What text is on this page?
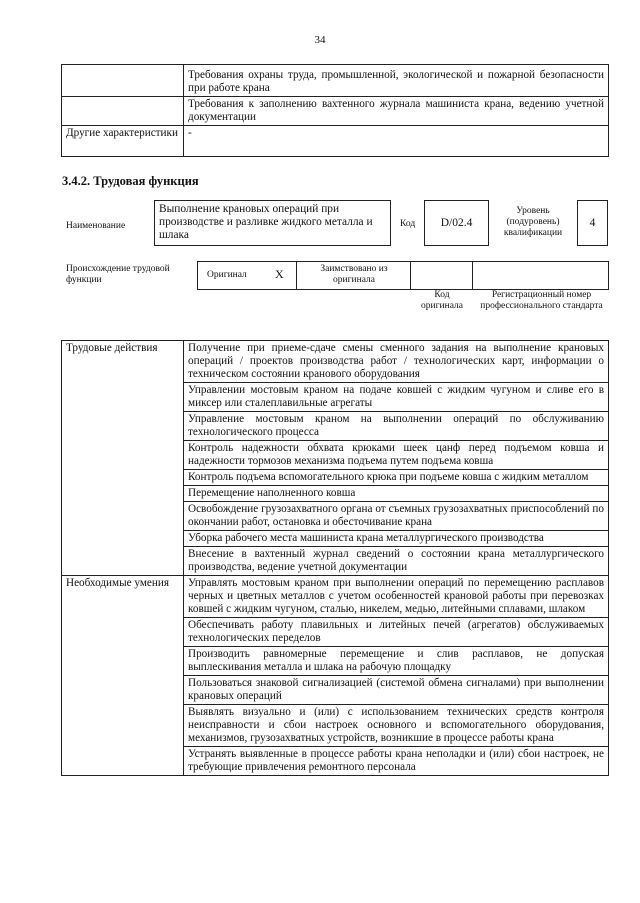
34
	Требования охраны труда, промышленной, экологической и пожарной безопасности при работе крана
	Требования к заполнению вахтенного журнала машиниста крана, ведению учетной документации
Другие характеристики	-
3.4.2. Трудовая функция
Наименование
Выполнение крановых операций при производстве и разливке жидкого металла и шлака
Код D/02.4
Уровень (подуровень) квалификации
4
Происхождение трудовой функции	Оригинал X	Заимствовано из оригинала
Код оригинала
Регистрационный номер профессионального стандарта
Трудовые действия	Получение при приеме-сдаче смены сменного задания на выполнение крановых операций / проектов производства работ / технологических карт, информации о техническом состоянии кранового оборудования
	Управлении мостовым краном на подаче ковшей с жидким чугуном и сливе его в миксер или сталеплавильные агрегаты
	Управление мостовым краном на выполнении операций по обслуживанию технологического процесса
	Контроль надежности обхвата крюками шеек цанф перед подъемом ковша и надежности тормозов механизма подъема путем подъема ковша
	Контроль подъема вспомогательного крюка при подъеме ковша с жидким металлом
	Перемещение наполненного ковша
	Освобождение грузозахватного органа от съемных грузозахватных приспособлений по окончании работ, остановка и обесточивание крана
	Уборка рабочего места машиниста крана металлургического производства
	Внесение в вахтенный журнал сведений о состоянии крана металлургического производства, ведение учетной документации
Необходимые умения	Управлять мостовым краном при выполнении операций по перемещению расплавов черных и цветных металлов с учетом особенностей крановой работы при перевозках ковшей с жидким чугуном, сталью, никелем, медью, литейными сплавами, шлаком
	Обеспечивать работу плавильных и литейных печей (агрегатов) обслуживаемых технологических переделов
	Производить равномерные перемещение и слив расплавов, не допуская выплескивания металла и шлака на рабочую площадку
	Пользоваться знаковой сигнализацией (системой обмена сигналами) при выполнении крановых операций
	Выявлять визуально и (или) с использованием технических средств контроля неисправности и сбои настроек основного и вспомогательного оборудования, механизмов, грузозахватных устройств, возникшие в процессе работы крана
	Устранять выявленные в процессе работы крана неполадки и (или) сбои настроек, не требующие привлечения ремонтного персонала
